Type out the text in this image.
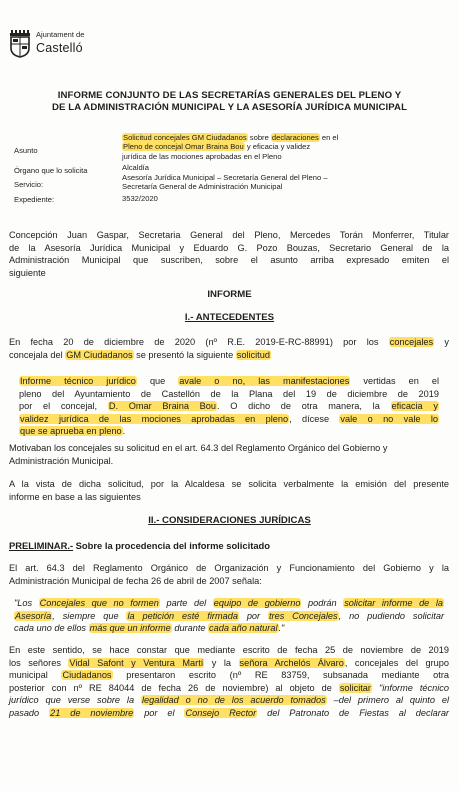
Ajuntament de
Castelló
INFORME CONJUNTO DE LAS SECRETARÍAS GENERALES DEL PLENO Y
DE LA ADMINISTRACIÓN MUNICIPAL Y LA ASESORÍA JURÍDICA MUNICIPAL
Asunto
Solicitud concejales GM Ciudadanos sobre declaraciones en el
Pleno de concejal Omar Braina Bou y eficacia y validez
jurídica de las mociones aprobadas en el Pleno
Órgano que lo solicita	Alcaldía
Servicio:
Asesoría Jurídica Municipal – Secretaría General del Pleno –
Secretaría General de Administración Municipal
Expediente:	3532/2020
Concepción Juan Gaspar, Secretaria General del Pleno, Mercedes Torán Monferrer, Titular
de la Asesoría Jurídica Municipal y Eduardo G. Pozo Bouzas, Secretario General de la
Administración Municipal que suscriben, sobre el asunto arriba expresado emiten el
siguiente
INFORME
I.- ANTECEDENTES
En fecha 20 de diciembre de 2020 (nº R.E. 2019-E-RC-88991) por los concejales y
concejala del GM Ciudadanos se presentó la siguiente solicitud
Informe técnico jurídico que avale o no, las manifestaciones vertidas en el
pleno del Ayuntamiento de Castellón de la Plana del 19 de diciembre de 2019
por el concejal, D. Omar Braina Bou. O dicho de otra manera, la eficacia y
validez jurídica de las mociones aprobadas en pleno, dícese vale o no vale lo
que se aprueba en pleno.
Motivaban los concejales su solicitud en el art. 64.3 del Reglamento Orgánico del Gobierno y
Administración Municipal.
A la vista de dicha solicitud, por la Alcaldesa se solicita verbalmente la emisión del presente
informe en base a las siguientes
II.- CONSIDERACIONES JURÍDICAS
PRELIMINAR.- Sobre la procedencia del informe solicitado
El art. 64.3 del Reglamento Orgánico de Organización y Funcionamiento del Gobierno y la
Administración Municipal de fecha 26 de abril de 2007 señala:
"Los Concejales que no formen parte del equipo de gobierno podrán solicitar informe de la
Asesoría, siempre que la petición esté firmada por tres Concejales, no pudiendo solicitar
cada uno de ellos más que un informe durante cada año natural."
En este sentido, se hace constar que mediante escrito de fecha 25 de noviembre de 2019
los señores Vidal Safont y Ventura Martí y la señora Archelós Álvaro, concejales del grupo
municipal Ciudadanos presentaron escrito (nº RE 83759, subsanada mediante otra
posterior con nº RE 84044 de fecha 26 de noviembre) al objeto de solicitar "informe técnico
jurídico que verse sobre la legalidad o no de los acuerdo tomados –del primero al quinto el
pasado 21 de noviembre por el Consejo Rector del Patronato de Fiestas al declarar
